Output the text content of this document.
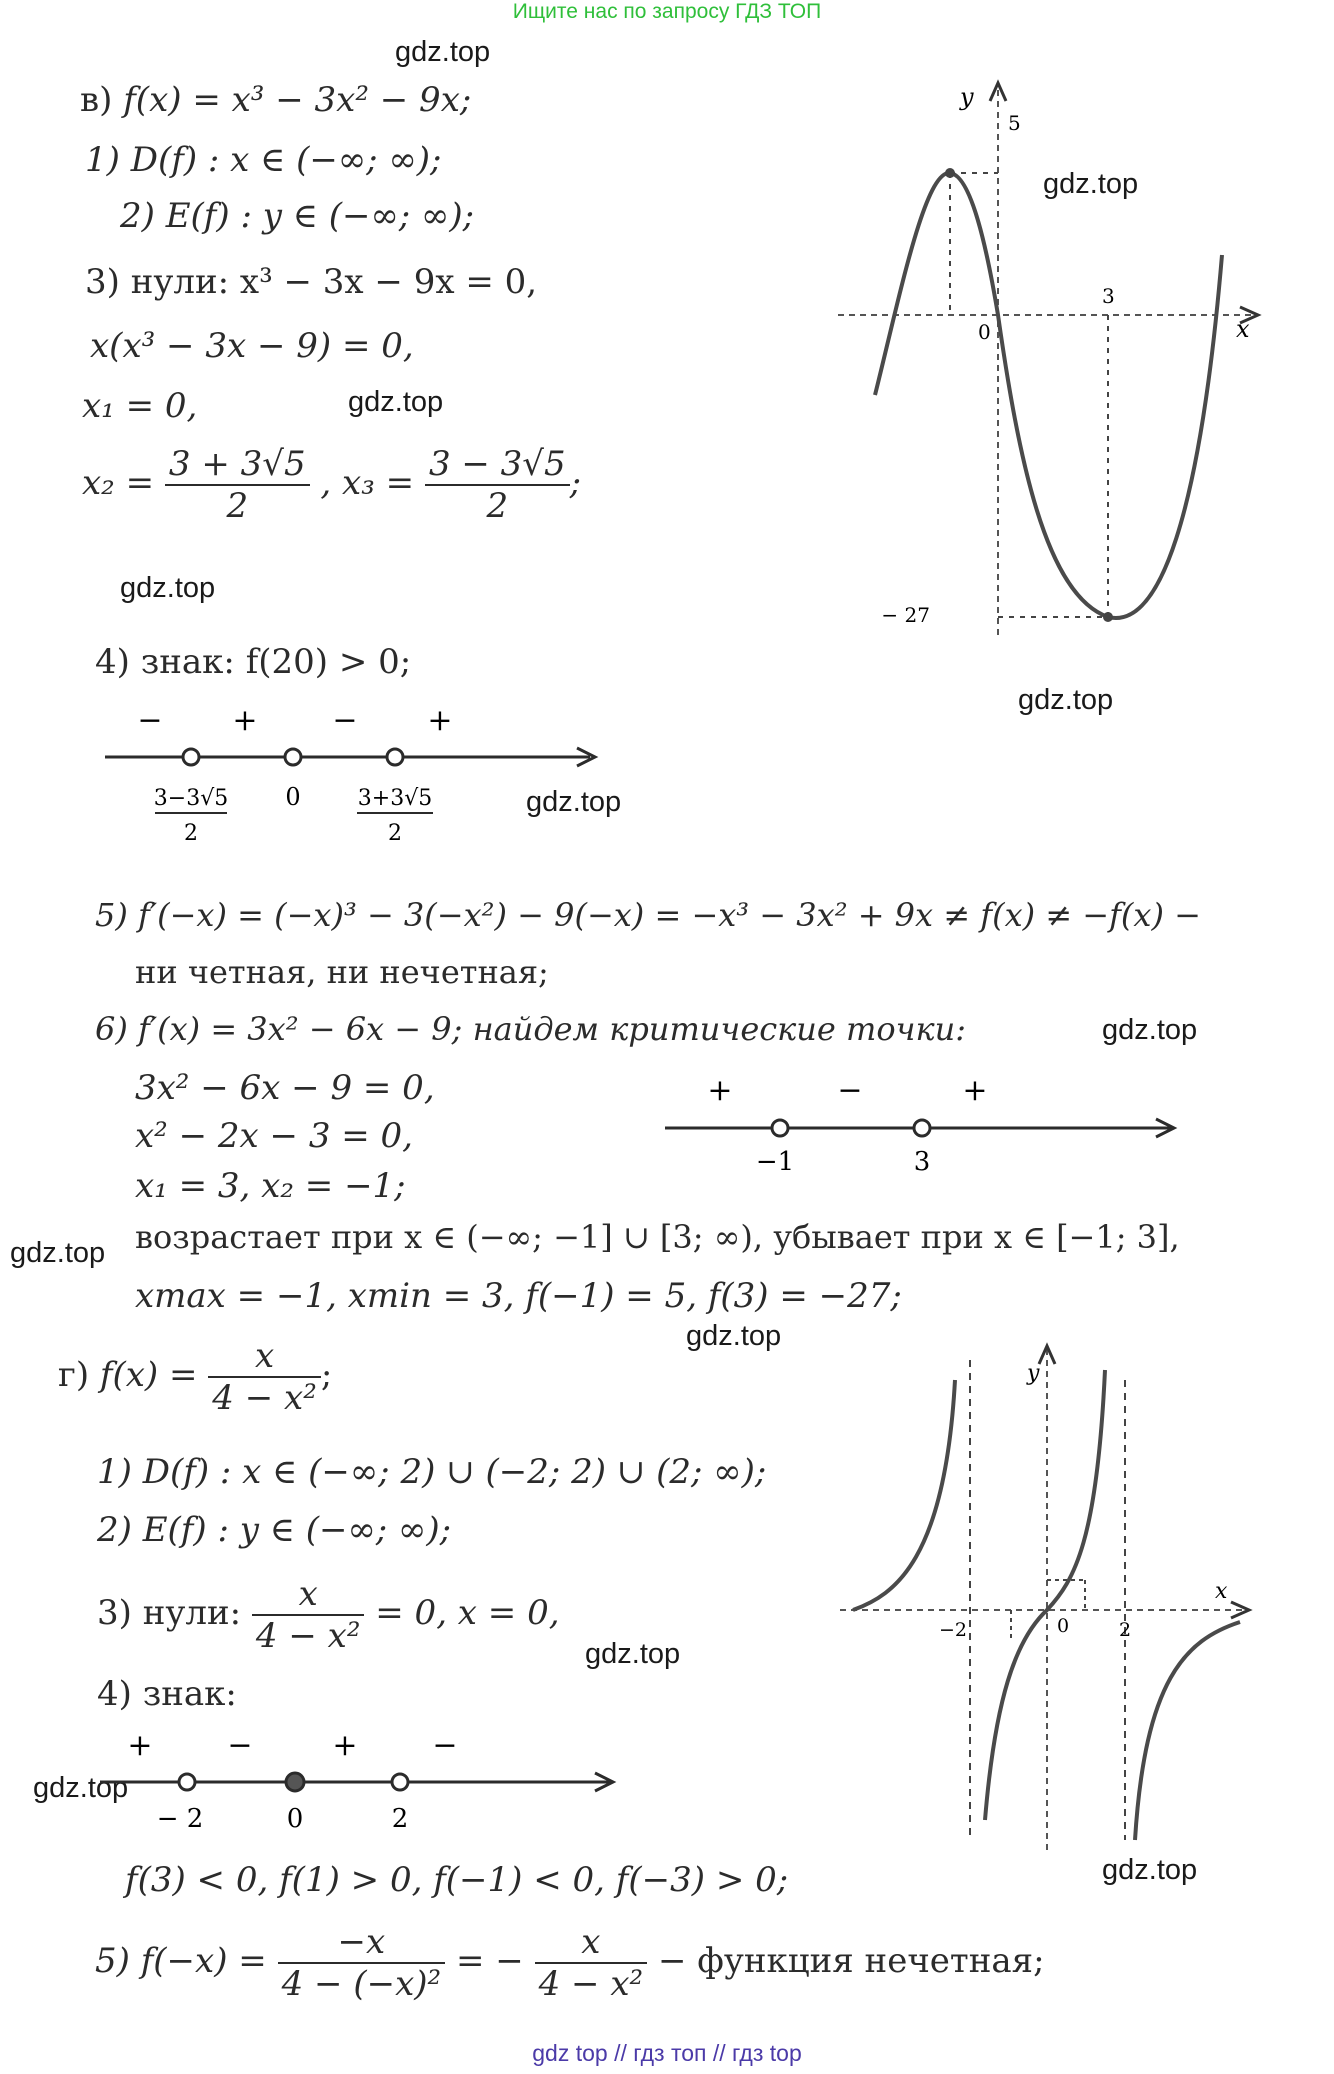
Ищите нас по запросу ГДЗ ТОП
gdz.top
gdz.top
gdz.top
gdz.top
gdz.top
gdz.top
gdz.top
gdz.top
gdz.top
gdz.top
gdz.top
gdz.top
в) f(x) = x³ − 3x² − 9x;
1) D(f) : x ∈ (−∞; ∞);
2) E(f) : y ∈ (−∞; ∞);
3) нули: x³ − 3x − 9x = 0,
x(x³ − 3x − 9) = 0,
x₁ = 0,
$x_2 = \frac{3 + 3√5}{2}$ , $x_3 = \frac{3 - 3√5}{2}$ ;
4) знак: f(20) > 0;
− + − +
3−3√5
2
0	3+3√5
2
5) f′(−x) = (−x)³ − 3(−x²) − 9(−x) = −x³ − 3x² + 9x ≠ f(x) ≠ −f(x) −
ни четная, ни нечетная;
6) f′(x) = 3x² − 6x − 9; найдем критические точки:
3x² − 6x − 9 = 0,
x² − 2x − 3 = 0,
x₁ = 3, x₂ = −1;
+	−	+
−1	3
возрастает при x ∈ (−∞; −1] ∪ [3; ∞), убывает при x ∈ [−1; 3],
xmax = −1, xmin = 3, f(−1) = 5, f(3) = −27;
y
x
0
5
3
− 27
г) $f(x) = \frac{x}{\text{4 − x²}}$ ;
1) D(f) : x ∈ (−∞; 2) ∪ (−2; 2) ∪ (2; ∞);
2) E(f) : y ∈ (−∞; ∞);
3) нули: $\frac{x}{\text{4 − x²}} = 0$, x = 0,
4) знак:
+ −	+ −
− 2	0	2
f(3) < 0, f(1) > 0, f(−1) < 0, f(−3) > 0;
5) $f(-x) = \frac{-x}{\text{4 − (−x)²}}$ = − $\frac{x}{\text{4 − x²}}$ − функция нечетная;
y
x
−2	0	2
gdz top // гдз топ // гдз top
